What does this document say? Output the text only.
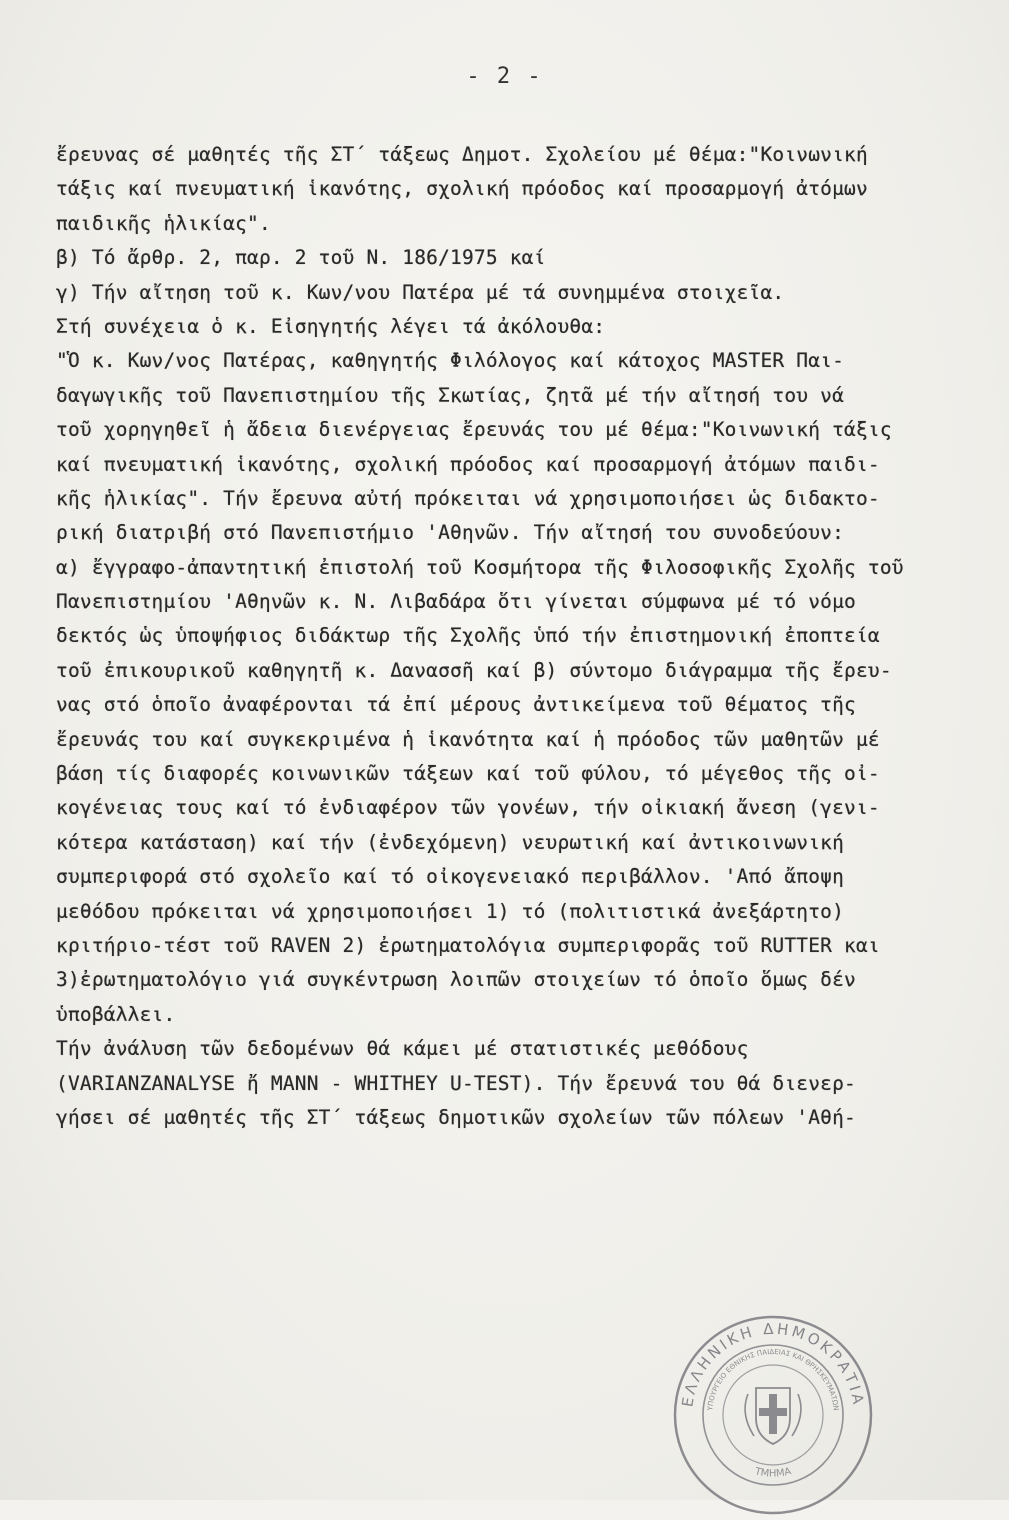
- 2 -
ἔρευνας σέ μαθητές τῆς ΣΤ΄ τάξεως Δημοτ. Σχολείου μέ θέμα:"Κοινωνική
τάξις καί πνευματική ἱκανότης, σχολική πρόοδος καί προσαρμογή ἀτόμων
παιδικῆς ἡλικίας".
β) Τό ἄρθρ. 2, παρ. 2 τοῦ Ν. 186/1975 καί
γ) Τήν αἴτηση τοῦ κ. Κων/νου Πατέρα μέ τά συνημμένα στοιχεῖα.
Στή συνέχεια ὁ κ. Εἰσηγητής λέγει τά ἀκόλουθα:
"Ὁ κ. Κων/νος Πατέρας, καθηγητής Φιλόλογος καί κάτοχος MASTER Παι-
δαγωγικῆς τοῦ Πανεπιστημίου τῆς Σκωτίας, ζητᾶ μέ τήν αἴτησή του νά
τοῦ χορηγηθεῖ ἡ ἄδεια διενέργειας ἔρευνάς του μέ θέμα:"Κοινωνική τάξις
καί πνευματική ἱκανότης, σχολική πρόοδος καί προσαρμογή ἀτόμων παιδι-
κῆς ἡλικίας". Τήν ἔρευνα αὐτή πρόκειται νά χρησιμοποιήσει ὡς διδακτο-
ρική διατριβή στό Πανεπιστήμιο 'Αθηνῶν. Τήν αἴτησή του συνοδεύουν:
α) ἔγγραφο-ἀπαντητική ἐπιστολή τοῦ Κοσμήτορα τῆς Φιλοσοφικῆς Σχολῆς τοῦ
Πανεπιστημίου 'Αθηνῶν κ. Ν. Λιβαδάρα ὅτι γίνεται σύμφωνα μέ τό νόμο
δεκτός ὡς ὑποψήφιος διδάκτωρ τῆς Σχολῆς ὑπό τήν ἐπιστημονική ἐποπτεία
τοῦ ἐπικουρικοῦ καθηγητῆ κ. Δανασσῆ καί β) σύντομο διάγραμμα τῆς ἔρευ-
νας στό ὁποῖο ἀναφέρονται τά ἐπί μέρους ἀντικείμενα τοῦ θέματος τῆς
ἔρευνάς του καί συγκεκριμένα ἡ ἱκανότητα καί ἡ πρόοδος τῶν μαθητῶν μέ
βάση τίς διαφορές κοινωνικῶν τάξεων καί τοῦ φύλου, τό μέγεθος τῆς οἰ-
κογένειας τους καί τό ἐνδιαφέρον τῶν γονέων, τήν οἰκιακή ἄνεση (γενι-
κότερα κατάσταση) καί τήν (ἐνδεχόμενη) νευρωτική καί ἀντικοινωνική
συμπεριφορά στό σχολεῖο καί τό οἰκογενειακό περιβάλλον. 'Από ἄποψη
μεθόδου πρόκειται νά χρησιμοποιήσει 1) τό (πολιτιστικά ἀνεξάρτητο)
κριτήριο-τέστ τοῦ RAVEN 2) ἐρωτηματολόγια συμπεριφορᾶς τοῦ RUTTER και
3)ἐρωτηματολόγιο γιά συγκέντρωση λοιπῶν στοιχείων τό ὁποῖο ὅμως δέν
ὑποβάλλει.
Τήν ἀνάλυση τῶν δεδομένων θά κάμει μέ στατιστικές μεθόδους
(VARIANZANALYSE ἤ MANN - WHITHEY U-TEST). Τήν ἔρευνά του θά διενερ-
γήσει σέ μαθητές τῆς ΣΤ΄ τάξεως δημοτικῶν σχολείων τῶν πόλεων 'Αθή-
ΕΛΛΗΝΙΚΗ ΔΗΜΟΚΡΑΤΙΑ
ΥΠΟΥΡΓΕΙΟ ΕΘΝΙΚΗΣ ΠΑΙΔΕΙΑΣ ΚΑΙ ΘΡΗΣΚΕΥΜΑΤΩΝ
ΤΜΗΜΑ
